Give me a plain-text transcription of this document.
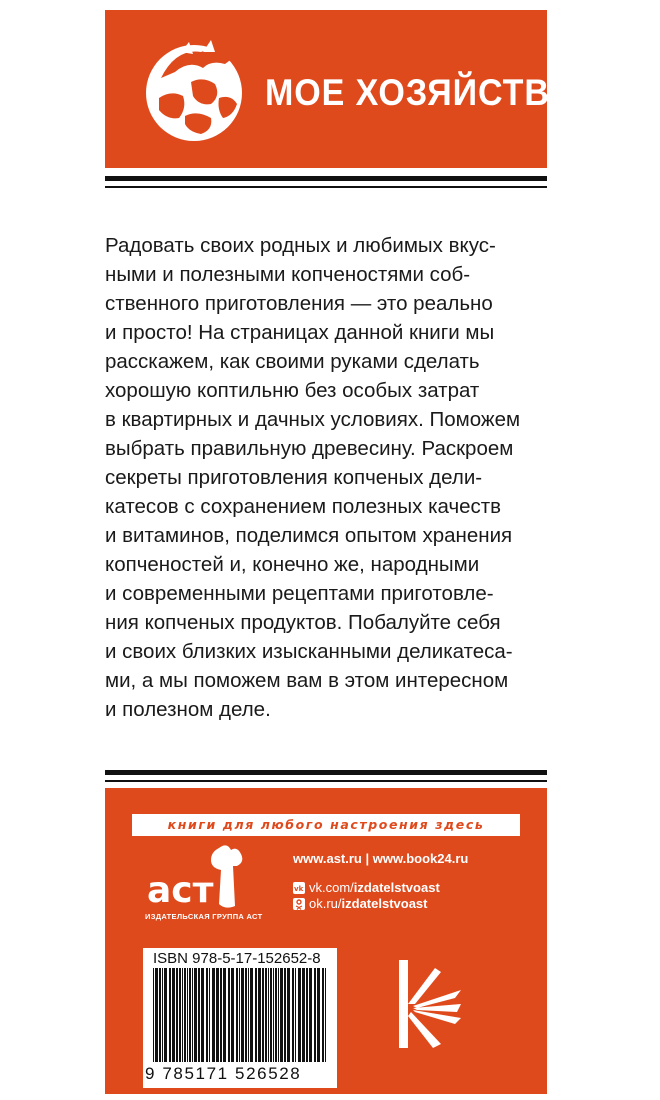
МОЕ ХОЗЯЙСТВО
Радовать своих родных и любимых вкус-
ными и полезными копченостями соб-
ственного приготовления — это реально
и просто! На страницах данной книги мы
расскажем, как своими руками сделать
хорошую коптильню без особых затрат
в квартирных и дачных условиях. Поможем
выбрать правильную древесину. Раскроем
секреты приготовления копченых дели-
катесов с сохранением полезных качеств
и витаминов, поделимся опытом хранения
копченостей и, конечно же, народными
и современными рецептами приготовле-
ния копченых продуктов. Побалуйте себя
и своих близких изысканными деликатеса-
ми, а мы поможем вам в этом интересном
и полезном деле.
книги для любого настроения здесь
аст
ИЗДАТЕЛЬСКАЯ ГРУППА АСТ
www.ast.ru | www.book24.ru
vk vk.com/ izdatelstvoast
ok.ru/ izdatelstvoast
ISBN 978-5-17-152652-8
9 785171 526528
